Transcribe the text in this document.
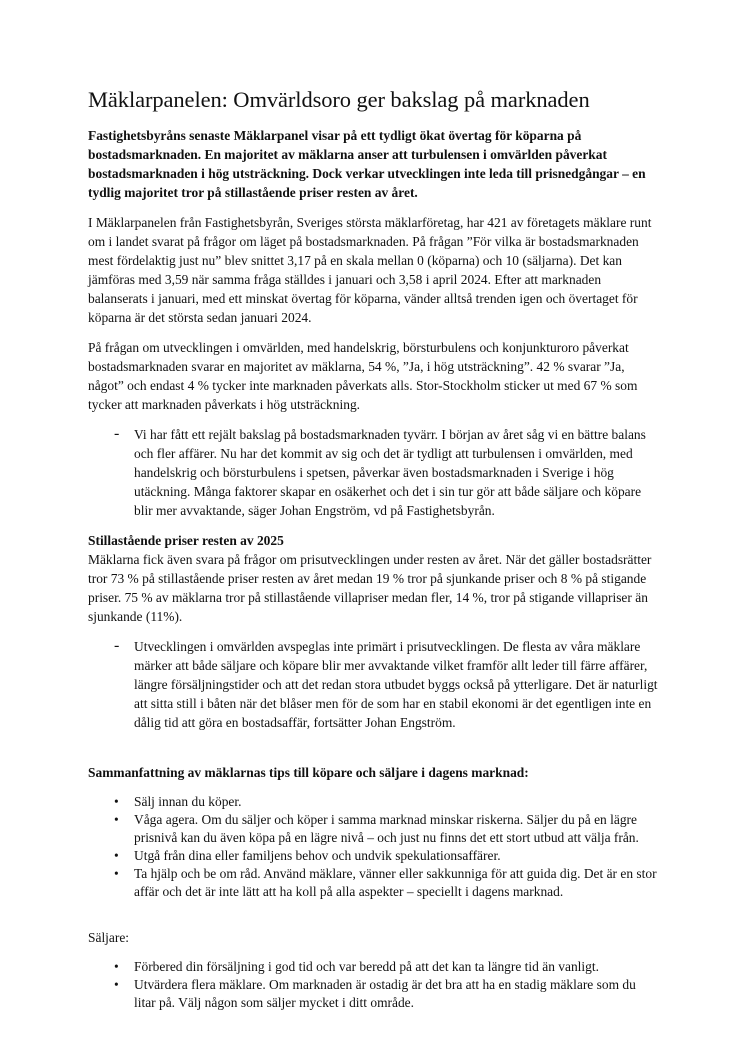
Mäklarpanelen: Omvärldsoro ger bakslag på marknaden

Fastighetsbyråns senaste Mäklarpanel visar på ett tydligt ökat övertag för köparna på bostadsmarknaden. En majoritet av mäklarna anser att turbulensen i omvärlden påverkat bostadsmarknaden i hög utsträckning. Dock verkar utvecklingen inte leda till prisnedgångar – en tydlig majoritet tror på stillastående priser resten av året.

I Mäklarpanelen från Fastighetsbyrån, Sveriges största mäklarföretag, har 421 av företagets mäklare runt om i landet svarat på frågor om läget på bostadsmarknaden. På frågan ”För vilka är bostadsmarknaden mest fördelaktig just nu” blev snittet 3,17 på en skala mellan 0 (köparna) och 10 (säljarna). Det kan jämföras med 3,59 när samma fråga ställdes i januari och 3,58 i april 2024. Efter att marknaden balanserats i januari, med ett minskat övertag för köparna, vänder alltså trenden igen och övertaget för köparna är det största sedan januari 2024.

På frågan om utvecklingen i omvärlden, med handelskrig, börsturbulens och konjunkturoro påverkat bostadsmarknaden svarar en majoritet av mäklarna, 54 %, ”Ja, i hög utsträckning”. 42 % svarar ”Ja, något” och endast 4 % tycker inte marknaden påverkats alls. Stor-Stockholm sticker ut med 67 % som tycker att marknaden påverkats i hög utsträckning.

- Vi har fått ett rejält bakslag på bostadsmarknaden tyvärr. I början av året såg vi en bättre balans och fler affärer. Nu har det kommit av sig och det är tydligt att turbulensen i omvärlden, med handelskrig och börsturbulens i spetsen, påverkar även bostadsmarknaden i Sverige i hög utäckning. Många faktorer skapar en osäkerhet och det i sin tur gör att både säljare och köpare blir mer avvaktande, säger Johan Engström, vd på Fastighetsbyrån.

Stillastående priser resten av 2025

Mäklarna fick även svara på frågor om prisutvecklingen under resten av året. När det gäller bostadsrätter tror 73 % på stillastående priser resten av året medan 19 % tror på sjunkande priser och 8 % på stigande priser. 75 % av mäklarna tror på stillastående villapriser medan fler, 14 %, tror på stigande villapriser än sjunkande (11%).

- Utvecklingen i omvärlden avspeglas inte primärt i prisutvecklingen. De flesta av våra mäklare märker att både säljare och köpare blir mer avvaktande vilket framför allt leder till färre affärer, längre försäljningstider och att det redan stora utbudet byggs också på ytterligare. Det är naturligt att sitta still i båten när det blåser men för de som har en stabil ekonomi är det egentligen inte en dålig tid att göra en bostadsaffär, fortsätter Johan Engström.

Sammanfattning av mäklarnas tips till köpare och säljare i dagens marknad:

• Sälj innan du köper.
• Våga agera. Om du säljer och köper i samma marknad minskar riskerna. Säljer du på en lägre prisnivå kan du även köpa på en lägre nivå – och just nu finns det ett stort utbud att välja från.
• Utgå från dina eller familjens behov och undvik spekulationsaffärer.
• Ta hjälp och be om råd. Använd mäklare, vänner eller sakkunniga för att guida dig. Det är en stor affär och det är inte lätt att ha koll på alla aspekter – speciellt i dagens marknad.

Säljare:

• Förbered din försäljning i god tid och var beredd på att det kan ta längre tid än vanligt.
• Utvärdera flera mäklare. Om marknaden är ostadig är det bra att ha en stadig mäklare som du litar på. Välj någon som säljer mycket i ditt område.
